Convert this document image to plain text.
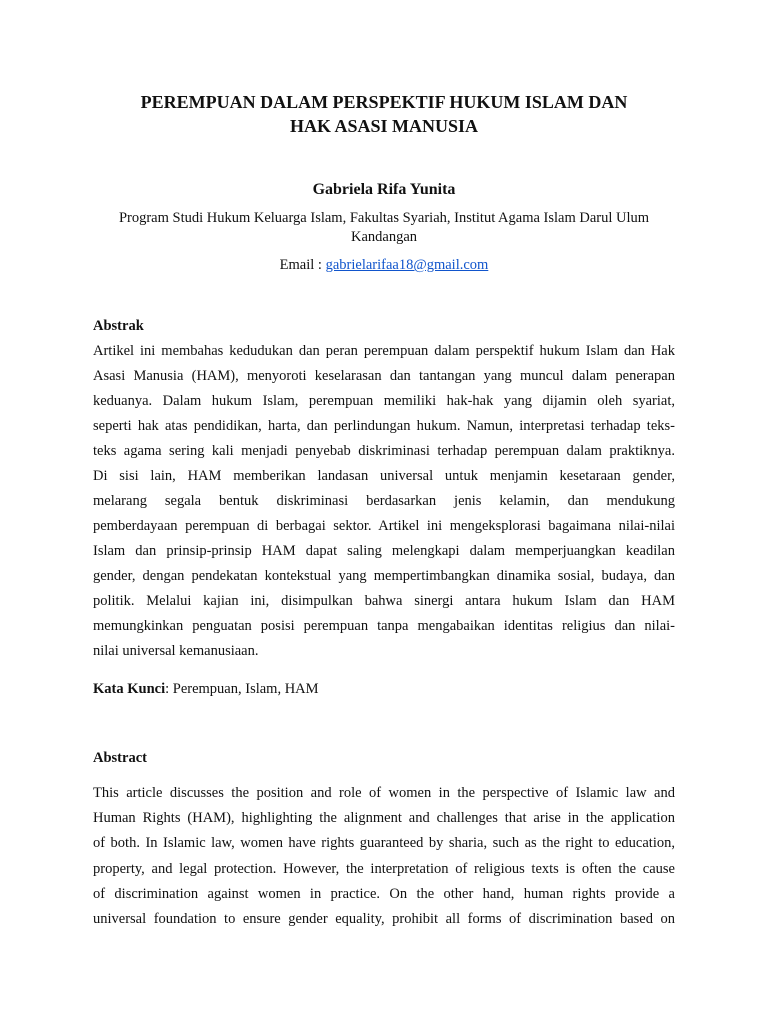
PEREMPUAN DALAM PERSPEKTIF HUKUM ISLAM DAN
HAK ASASI MANUSIA

Gabriela Rifa Yunita

Program Studi Hukum Keluarga Islam, Fakultas Syariah, Institut Agama Islam Darul Ulum
Kandangan

Email : gabrielarifaa18@gmail.com

Abstrak

Artikel ini membahas kedudukan dan peran perempuan dalam perspektif hukum Islam dan Hak
Asasi Manusia (HAM), menyoroti keselarasan dan tantangan yang muncul dalam penerapan
keduanya. Dalam hukum Islam, perempuan memiliki hak-hak yang dijamin oleh syariat,
seperti hak atas pendidikan, harta, dan perlindungan hukum. Namun, interpretasi terhadap teks-
teks agama sering kali menjadi penyebab diskriminasi terhadap perempuan dalam praktiknya.
Di sisi lain, HAM memberikan landasan universal untuk menjamin kesetaraan gender,
melarang segala bentuk diskriminasi berdasarkan jenis kelamin, dan mendukung
pemberdayaan perempuan di berbagai sektor. Artikel ini mengeksplorasi bagaimana nilai-nilai
Islam dan prinsip-prinsip HAM dapat saling melengkapi dalam memperjuangkan keadilan
gender, dengan pendekatan kontekstual yang mempertimbangkan dinamika sosial, budaya, dan
politik. Melalui kajian ini, disimpulkan bahwa sinergi antara hukum Islam dan HAM
memungkinkan penguatan posisi perempuan tanpa mengabaikan identitas religius dan nilai-
nilai universal kemanusiaan.

Kata Kunci: Perempuan, Islam, HAM

Abstract

This article discusses the position and role of women in the perspective of Islamic law and
Human Rights (HAM), highlighting the alignment and challenges that arise in the application
of both. In Islamic law, women have rights guaranteed by sharia, such as the right to education,
property, and legal protection. However, the interpretation of religious texts is often the cause
of discrimination against women in practice. On the other hand, human rights provide a
universal foundation to ensure gender equality, prohibit all forms of discrimination based on
